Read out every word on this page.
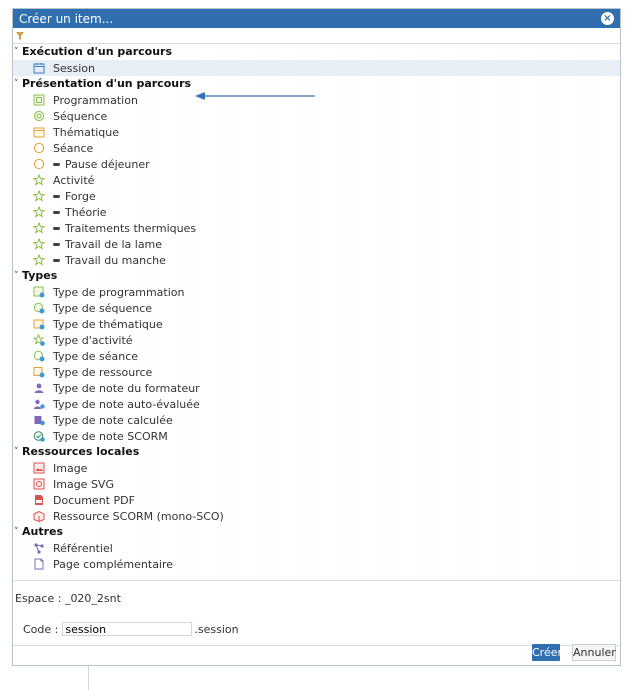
Créer un item...	×
˅ Exécution d'un parcours
Session
˅ Présentation d'un parcours
Programmation
Séquence
Thématique
Séance
Pause déjeuner
Activité
Forge
Théorie
Traitements thermiques
Travail de la lame
Travail du manche
˅ Types
Type de programmation
Type de séquence
Type de thématique
Type d'activité
Type de séance
Type de ressource
Type de note du formateur
Type de note auto-évaluée
Type de note calculée
Type de note SCORM
˅ Ressources locales
Image
Image SVG
Document PDF
Ressource SCORM (mono-SCO)
˅ Autres
Référentiel
Page complémentaire
Espace : _020_2snt
Code :
session	.session
Créer Annuler
